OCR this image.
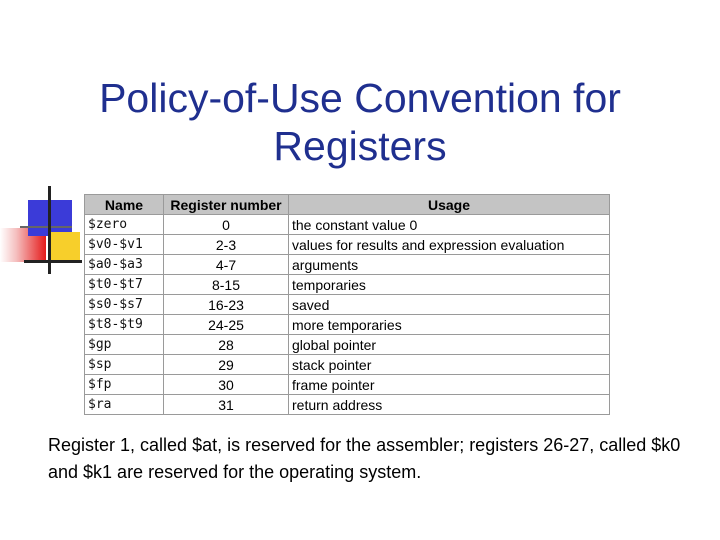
Policy-of-Use Convention for
Registers
Name	Register number	Usage
$zero	0	the constant value 0
$v0-$v1	2-3	values for results and expression evaluation
$a0-$a3	4-7	arguments
$t0-$t7	8-15	temporaries
$s0-$s7	16-23	saved
$t8-$t9	24-25	more temporaries
$gp	28	global pointer
$sp	29	stack pointer
$fp	30	frame pointer
$ra	31	return address
Register 1, called $at, is reserved for the assembler; registers 26-27, called $k0 and $k1 are reserved for the operating system.
